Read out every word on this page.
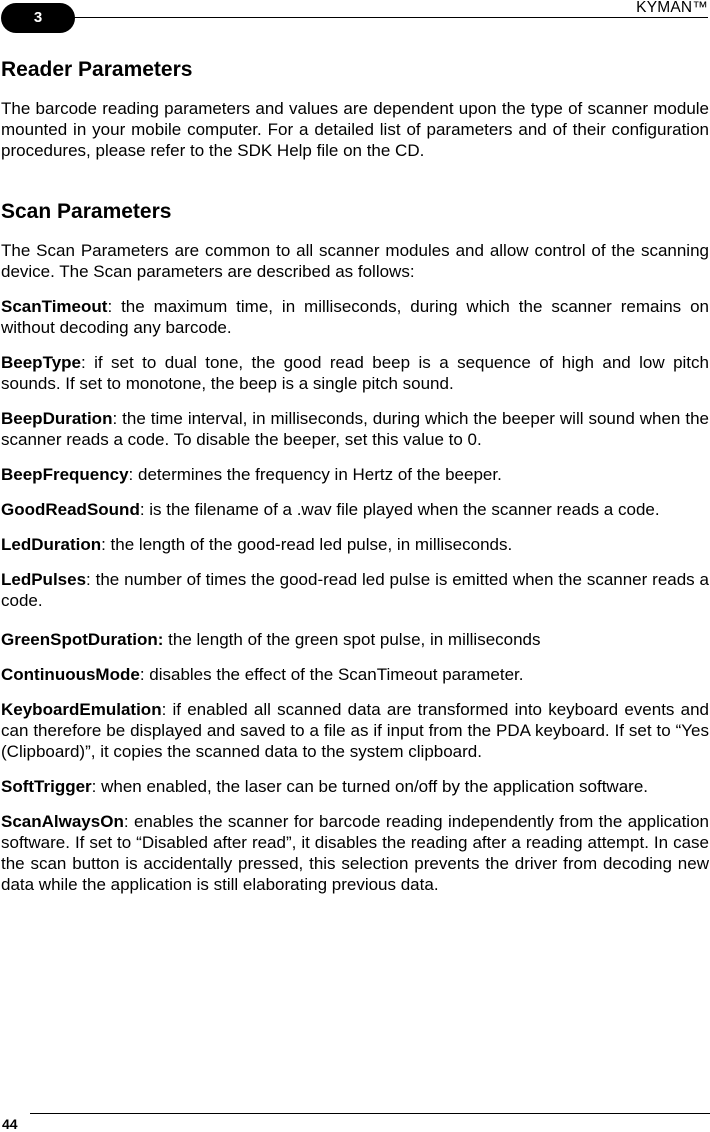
3
KYMAN™
Reader Parameters

The barcode reading parameters and values are dependent upon the type of scanner module mounted in your mobile computer. For a detailed list of parameters and of their configuration procedures, please refer to the SDK Help file on the CD.

Scan Parameters

The Scan Parameters are common to all scanner modules and allow control of the scanning device. The Scan parameters are described as follows:

ScanTimeout: the maximum time, in milliseconds, during which the scanner remains on without decoding any barcode.

BeepType: if set to dual tone, the good read beep is a sequence of high and low pitch sounds. If set to monotone, the beep is a single pitch sound.

BeepDuration: the time interval, in milliseconds, during which the beeper will sound when the scanner reads a code. To disable the beeper, set this value to 0.

BeepFrequency: determines the frequency in Hertz of the beeper.

GoodReadSound: is the filename of a .wav file played when the scanner reads a code.

LedDuration: the length of the good-read led pulse, in milliseconds.

LedPulses: the number of times the good-read led pulse is emitted when the scanner reads a code.

GreenSpotDuration: the length of the green spot pulse, in milliseconds

ContinuousMode: disables the effect of the ScanTimeout parameter.

KeyboardEmulation: if enabled all scanned data are transformed into keyboard events and can therefore be displayed and saved to a file as if input from the PDA keyboard. If set to “Yes (Clipboard)”, it copies the scanned data to the system clipboard.

SoftTrigger: when enabled, the laser can be turned on/off by the application software.

ScanAlwaysOn: enables the scanner for barcode reading independently from the application software. If set to “Disabled after read”, it disables the reading after a reading attempt. In case the scan button is accidentally pressed, this selection prevents the driver from decoding new data while the application is still elaborating previous data.

44
